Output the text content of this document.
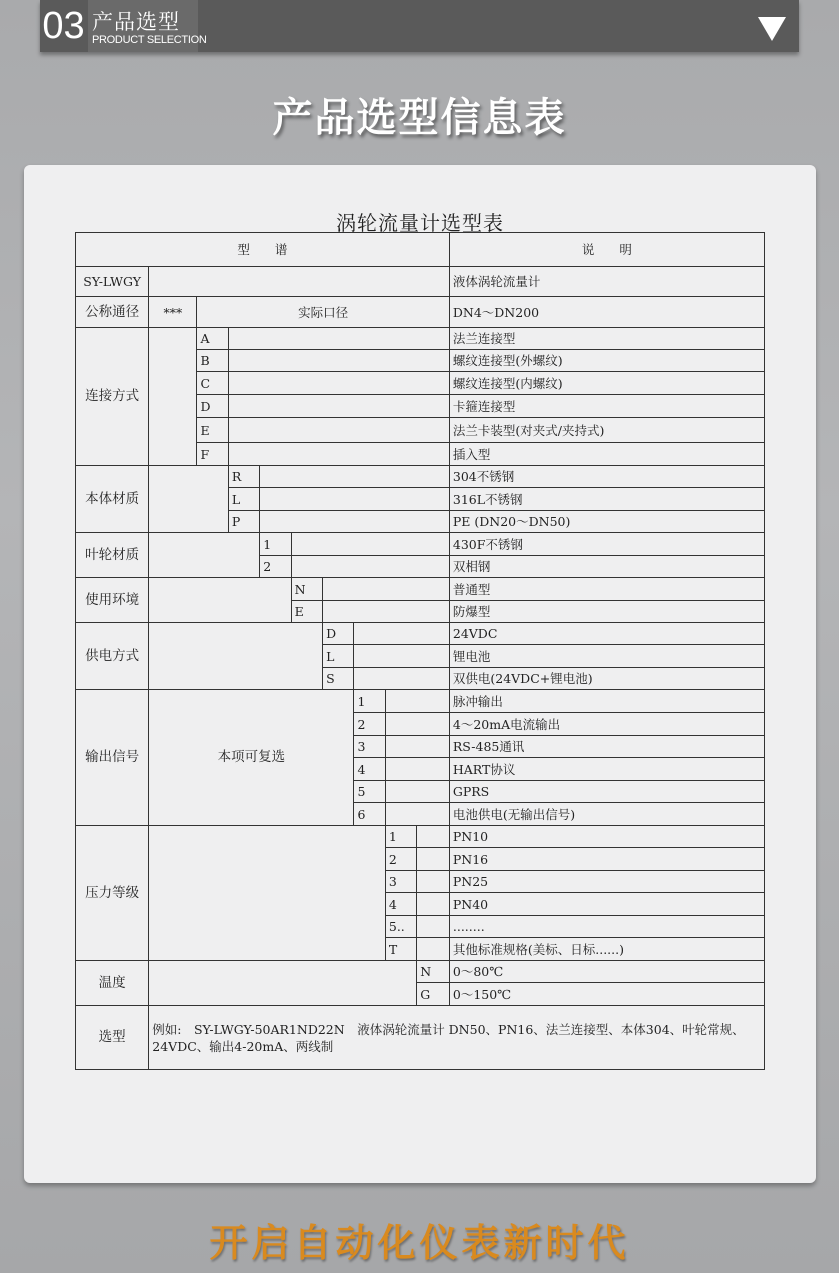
03 产品选型
PRODUCT SELECTION
产品选型信息表
涡轮流量计选型表
型　　谱										说　　明
SY-LWGY										液体涡轮流量计
公称通径	***	实际口径								DN4～DN200
连接方式		A								法兰连接型
		B								螺纹连接型(外螺纹)
		C								螺纹连接型(内螺纹)
		D								卡箍连接型
		E								法兰卡装型(对夹式/夹持式)
		F								插入型
本体材质			R							304不锈钢
			L							316L不锈钢
			P							PE (DN20～DN50)
叶轮材质				1						430F不锈钢
				2						双相钢
使用环境					N					普通型
					E					防爆型
供电方式						D				24VDC
						L				锂电池
						S				双供电(24VDC+锂电池)
输出信号	本项可复选						1			脉冲输出
							2			4～20mA电流输出
							3			RS-485通讯
							4			HART协议
							5			GPRS
							6			电池供电(无输出信号)
压力等级								1		PN10
								2		PN16
								3		PN25
								4		PN40
								5..		........
								T		其他标准规格(美标、日标......)
温度									N	0～80℃
									G	0～150℃
选型	例如:　SY-LWGY-50AR1ND22N　液体涡轮流量计 DN50、PN16、法兰连接型、本体304、叶轮常规、24VDC、输出4-20mA、两线制									
开启自动化仪表新时代
